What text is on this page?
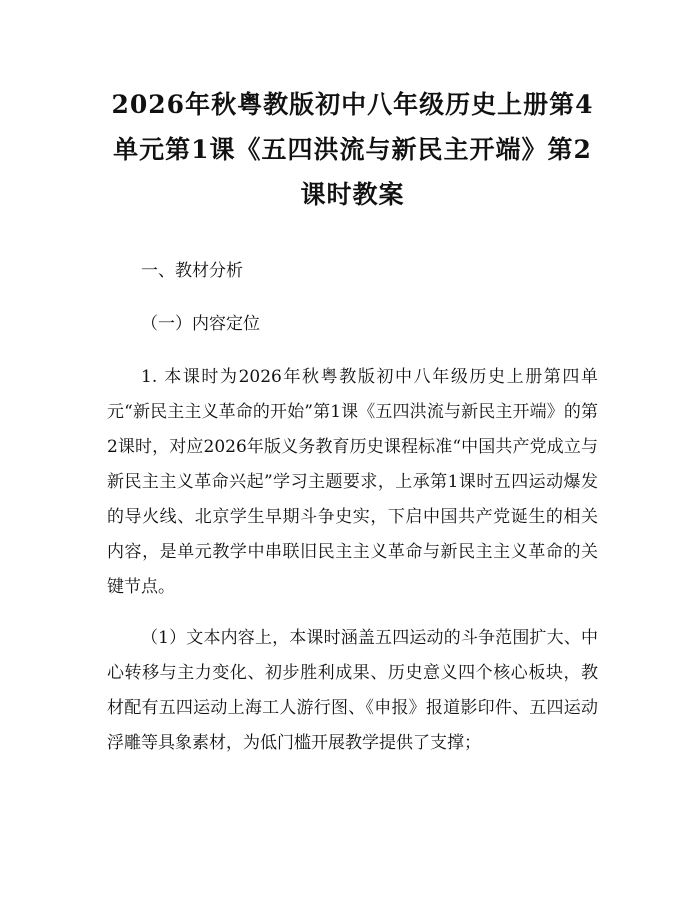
2026年秋粤教版初中八年级历史上册第4单元第1课《五四洪流与新民主开端》第2课时教案
一、教材分析
（一）内容定位

1. 本课时为2026年秋粤教版初中八年级历史上册第四单元“新民主主义革命的开始”第1课《五四洪流与新民主开端》的第2课时，对应2026年版义务教育历史课程标准“中国共产党成立与新民主主义革命兴起”学习主题要求，上承第1课时五四运动爆发的导火线、北京学生早期斗争史实，下启中国共产党诞生的相关内容，是单元教学中串联旧民主主义革命与新民主主义革命的关键节点。

（1）文本内容上，本课时涵盖五四运动的斗争范围扩大、中心转移与主力变化、初步胜利成果、历史意义四个核心板块，教材配有五四运动上海工人游行图、《申报》报道影印件、五四运动浮雕等具象素材，为低门槛开展教学提供了支撑；
